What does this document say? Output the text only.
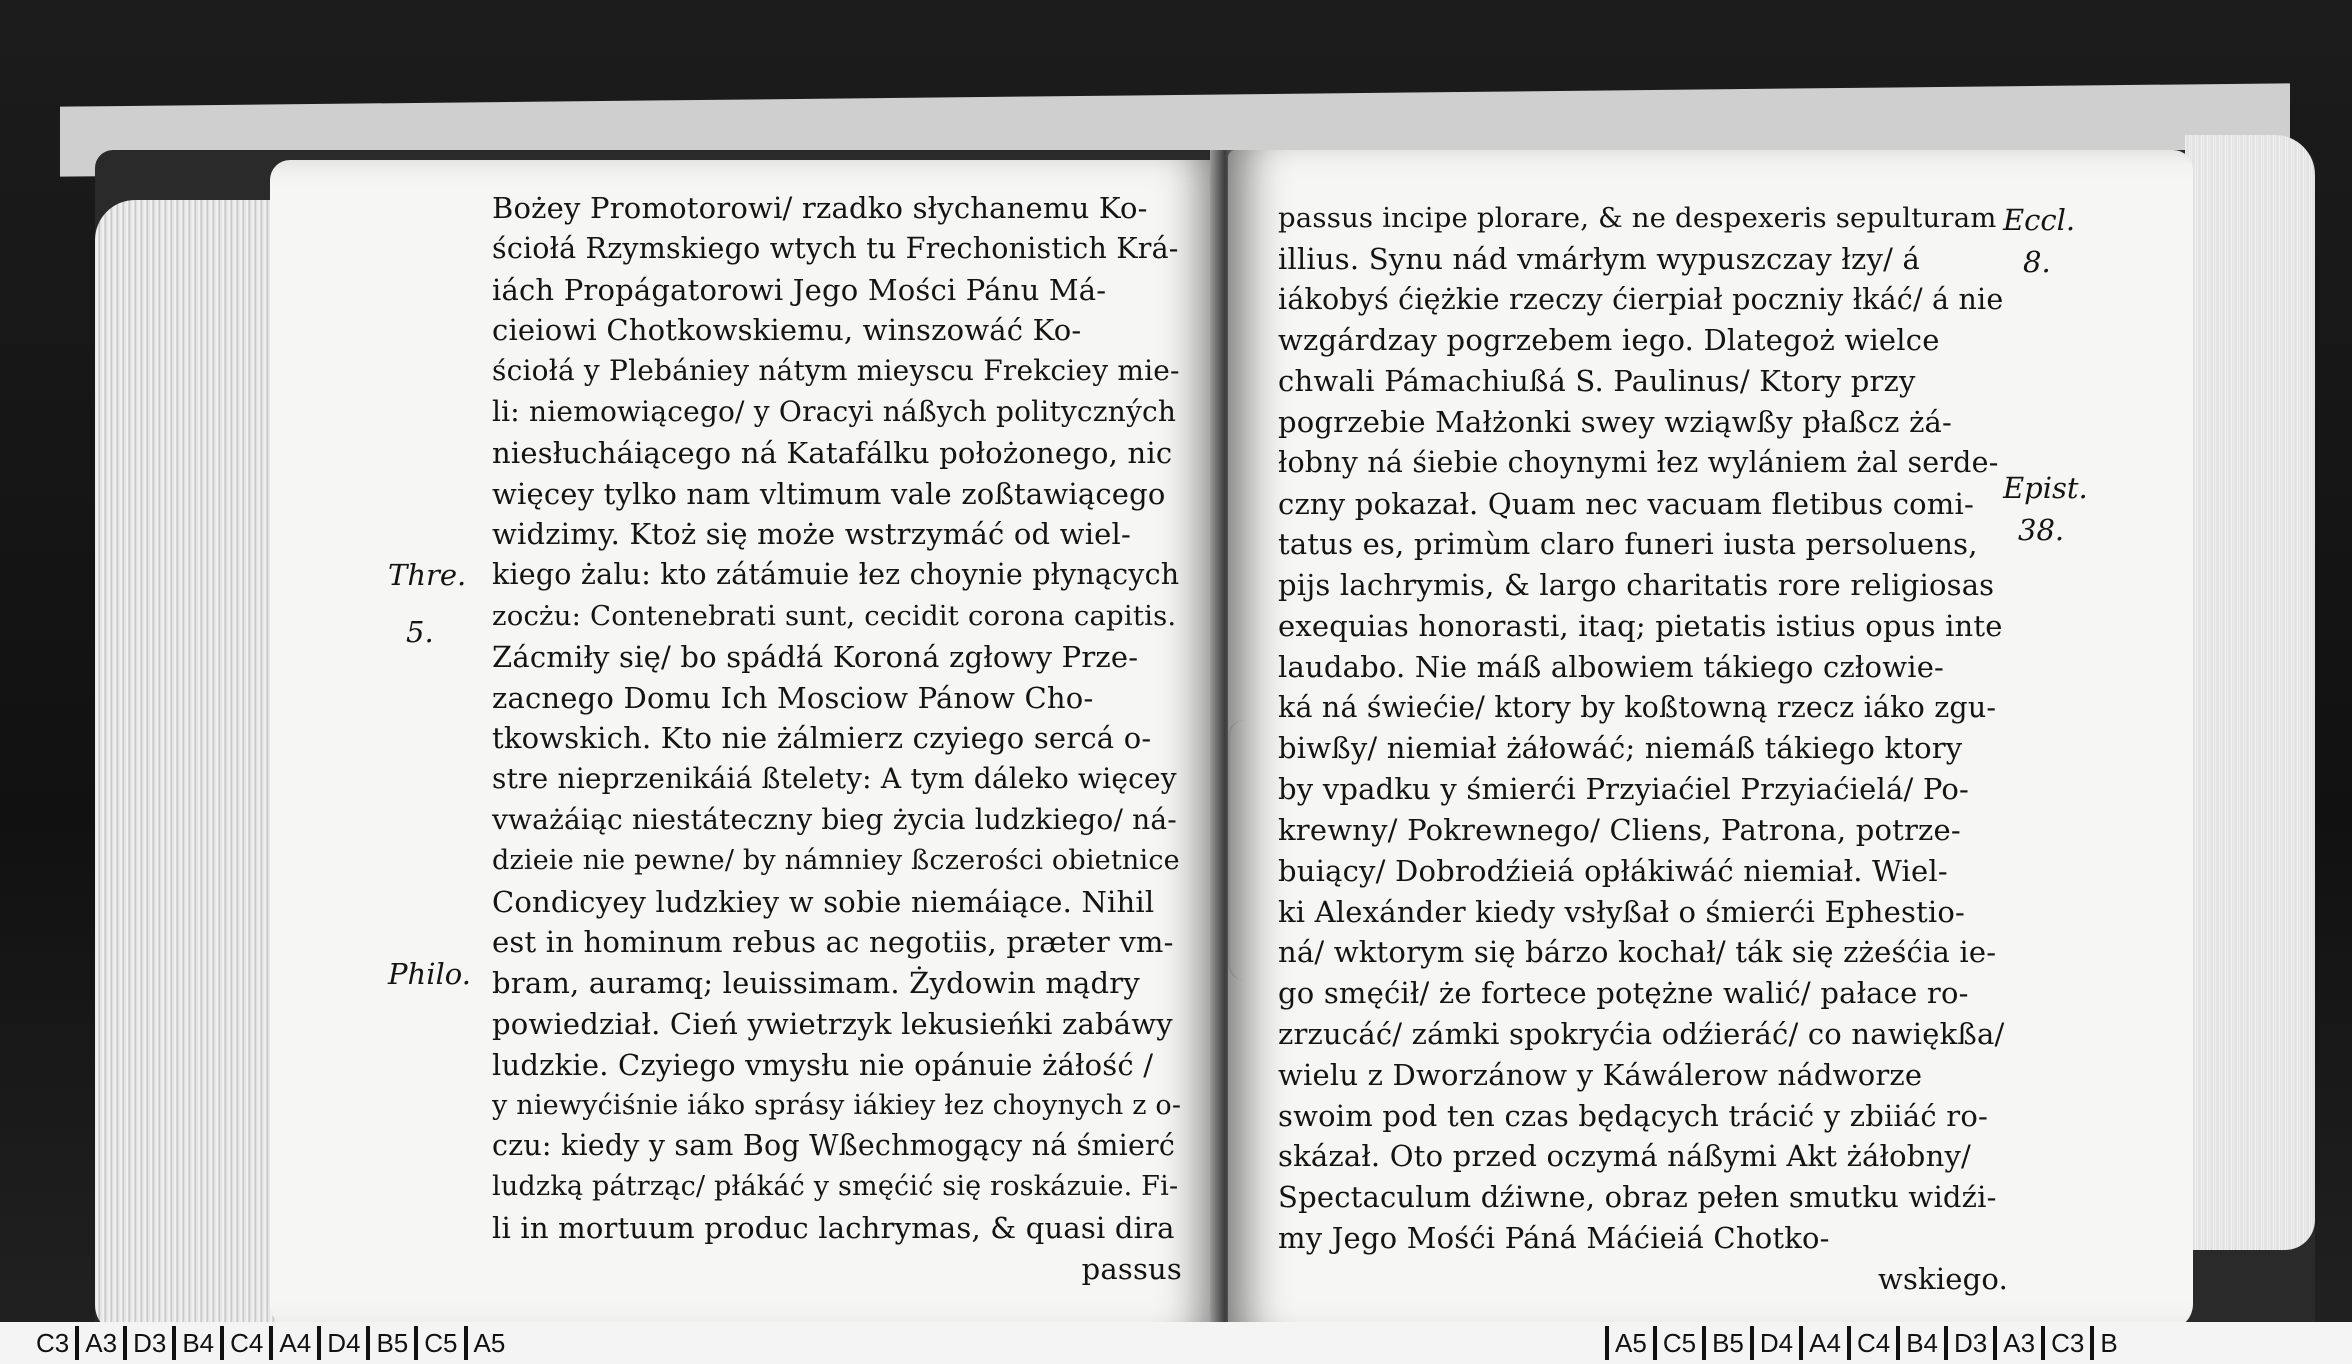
Bożey Promotorowi/ rzadko słychanemu Ko-
ściołá Rzymskiego wtych tu Frechonistich Krá-
iách Propágatorowi Jego Mości Pánu Má-
cieiowi Chotkowskiemu, winszowáć Ko-
ściołá y Plebániey nátym mieyscu Frekciey mie-
li: niemowiącego/ y Oracyi náßych polityczných
niesłucháiącego ná Katafálku położonego, nic
więcey tylko nam vltimum vale zoßtawiącego
widzimy. Ktoż się może wstrzymáć od wiel-
kiego żalu: kto zátámuie łez choynie płynących
zocżu: Contenebrati sunt, cecidit corona capitis.
Zácmiły się/ bo spádłá Koroná zgłowy Prze-
zacnego Domu Ich Mosciow Pánow Cho-
tkowskich. Kto nie żálmierz czyiego sercá o-
stre nieprzenikáiá ßtelety: A tym dáleko więcey
vważáiąc niestáteczny bieg życia ludzkiego/ ná-
dzieie nie pewne/ by námniey ßczerości obietnice
Condicyey ludzkiey w sobie niemáiące. Nihil
est in hominum rebus ac negotiis, præter vm-
bram, auramq; leuissimam. Żydowin mądry
powiedział. Cień ywietrzyk lekusieńki zabáwy
ludzkie. Czyiego vmysłu nie opánuie żáłość /
y niewyćiśnie iáko sprásy iákiey łez choynych z o-
czu: kiedy y sam Bog Wßechmogący ná śmierć
ludzką pátrząc/ płákáć y smęćić się roskázuie. Fi-
li in mortuum produc lachrymas, & quasi dira
passus
Thre.
5.
Philo.
passus incipe plorare, & ne despexeris sepulturam
illius. Synu nád vmárłym wypuszczay łzy/ á
iákobyś ćiężkie rzeczy ćierpiał poczniy łkáć/ á nie
wzgárdzay pogrzebem iego. Dlategoż wielce
chwali Pámachiußá S. Paulinus/ Ktory przy
pogrzebie Małżonki swey wziąwßy płaßcz żá-
łobny ná śiebie choynymi łez wylániem żal serde-
czny pokazał. Quam nec vacuam fletibus comi-
tatus es, primùm claro funeri iusta persoluens,
pijs lachrymis, & largo charitatis rore religiosas
exequias honorasti, itaq; pietatis istius opus inte
laudabo. Nie máß albowiem tákiego człowie-
ká ná świećie/ ktory by koßtowną rzecz iáko zgu-
biwßy/ niemiał żáłowáć; niemáß tákiego ktory
by vpadku y śmierći Przyiaćiel Przyiaćielá/ Po-
krewny/ Pokrewnego/ Cliens, Patrona, potrze-
buiący/ Dobrodźieiá opłákiwáć niemiał. Wiel-
ki Alexánder kiedy vsłyßał o śmierći Ephestio-
ná/ wktorym się bárzo kochał/ ták się zżeśćia ie-
go smęćił/ że fortece potężne walić/ pałace ro-
zrzucáć/ zámki spokryćia odźieráć/ co nawiękßa/
wielu z Dworzánow y Káwálerow nádworze
swoim pod ten czas będących trácić y zbiiáć ro-
skázał. Oto przed oczymá náßymi Akt żáłobny/
Spectaculum dźiwne, obraz pełen smutku widźi-
my Jego Mośći Páná Máćieiá Chotko-
wskiego.
Eccl.
8.
Epist.
38.
C3 A3 D3 B4 C4 A4 D4 B5 C5 A5	A5 C5 B5 D4 A4 C4 B4 D3 A3 C3 B
